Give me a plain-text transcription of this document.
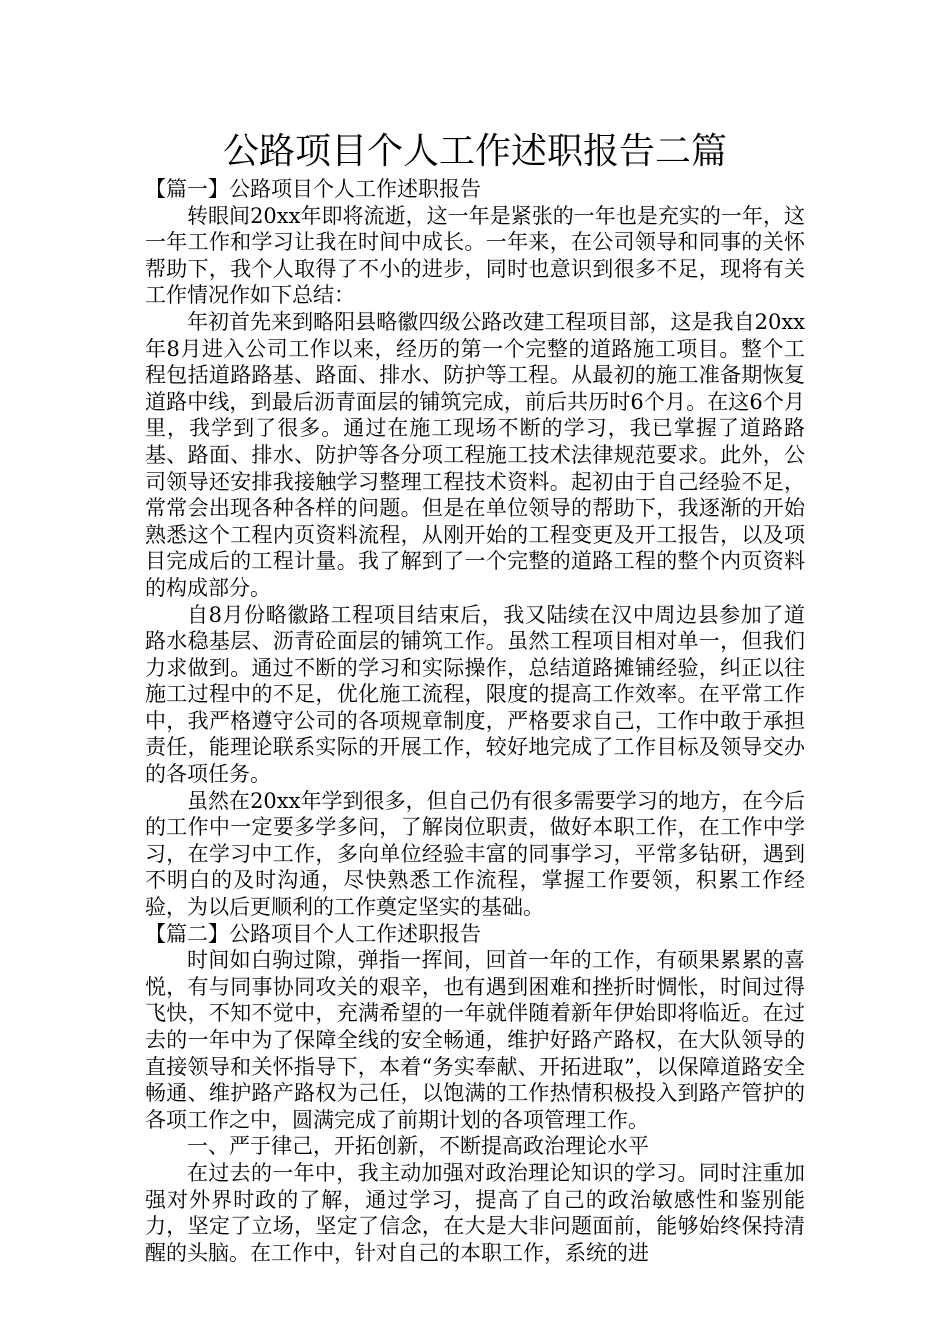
公路项目个人工作述职报告二篇

【篇一】公路项目个人工作述职报告

转眼间20xx年即将流逝，这一年是紧张的一年也是充实的一年，这一年工作和学习让我在时间中成长。一年来，在公司领导和同事的关怀帮助下，我个人取得了不小的进步，同时也意识到很多不足，现将有关工作情况作如下总结：

年初首先来到略阳县略徽四级公路改建工程项目部，这是我自20xx年8月进入公司工作以来，经历的第一个完整的道路施工项目。整个工程包括道路路基、路面、排水、防护等工程。从最初的施工准备期恢复道路中线，到最后沥青面层的铺筑完成，前后共历时6个月。在这6个月里，我学到了很多。通过在施工现场不断的学习，我已掌握了道路路基、路面、排水、防护等各分项工程施工技术法律规范要求。此外，公司领导还安排我接触学习整理工程技术资料。起初由于自己经验不足，常常会出现各种各样的问题。但是在单位领导的帮助下，我逐渐的开始熟悉这个工程内页资料流程，从刚开始的工程变更及开工报告，以及项目完成后的工程计量。我了解到了一个完整的道路工程的整个内页资料的构成部分。

自8月份略徽路工程项目结束后，我又陆续在汉中周边县参加了道路水稳基层、沥青砼面层的铺筑工作。虽然工程项目相对单一，但我们力求做到。通过不断的学习和实际操作，总结道路摊铺经验，纠正以往施工过程中的不足，优化施工流程，限度的提高工作效率。在平常工作中，我严格遵守公司的各项规章制度，严格要求自己，工作中敢于承担责任，能理论联系实际的开展工作，较好地完成了工作目标及领导交办的各项任务。

虽然在20xx年学到很多，但自己仍有很多需要学习的地方，在今后的工作中一定要多学多问，了解岗位职责，做好本职工作，在工作中学习，在学习中工作，多向单位经验丰富的同事学习，平常多钻研，遇到不明白的及时沟通，尽快熟悉工作流程，掌握工作要领，积累工作经验，为以后更顺利的工作奠定坚实的基础。

【篇二】公路项目个人工作述职报告

时间如白驹过隙，弹指一挥间，回首一年的工作，有硕果累累的喜悦，有与同事协同攻关的艰辛，也有遇到困难和挫折时惆怅，时间过得飞快，不知不觉中，充满希望的一年就伴随着新年伊始即将临近。在过去的一年中为了保障全线的安全畅通，维护好路产路权，在大队领导的直接领导和关怀指导下，本着“务实奉献、开拓进取”，以保障道路安全畅通、维护路产路权为己任，以饱满的工作热情积极投入到路产管护的各项工作之中，圆满完成了前期计划的各项管理工作。

一、严于律己，开拓创新，不断提高政治理论水平

在过去的一年中，我主动加强对政治理论知识的学习。同时注重加强对外界时政的了解，通过学习，提高了自己的政治敏感性和鉴别能力，坚定了立场，坚定了信念，在大是大非问题面前，能够始终保持清醒的头脑。在工作中，针对自己的本职工作，系统的进
